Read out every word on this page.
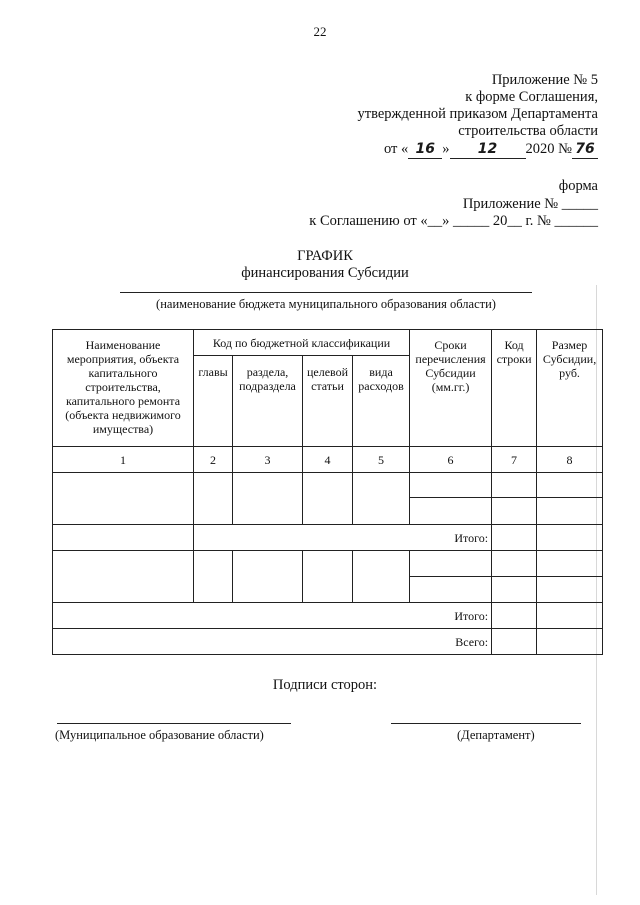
22
Приложение № 5
к форме Соглашения,
утвержденной приказом Департамента
строительства области
от « 16 » 12 2020 № 76
форма
Приложение № _____
к Соглашению от «__» _____ 20__ г. № ______
ГРАФИК
финансирования Субсидии
(наименование бюджета муниципального образования области)
Наименование мероприятия, объекта капитального строительства, капитального ремонта (объекта недвижимого имущества)	Код по бюджетной классификации				Сроки перечисления Субсидии (мм.гг.)	Код строки	Размер Субсидии, руб.
	главы	раздела, подраздела	целевой статьи	вида расходов			
1	2	3	4	5	6	7	8

	Итого:						

Итого:							
Всего:							
Подписи сторон:
(Муниципальное образование области)	(Департамент)
